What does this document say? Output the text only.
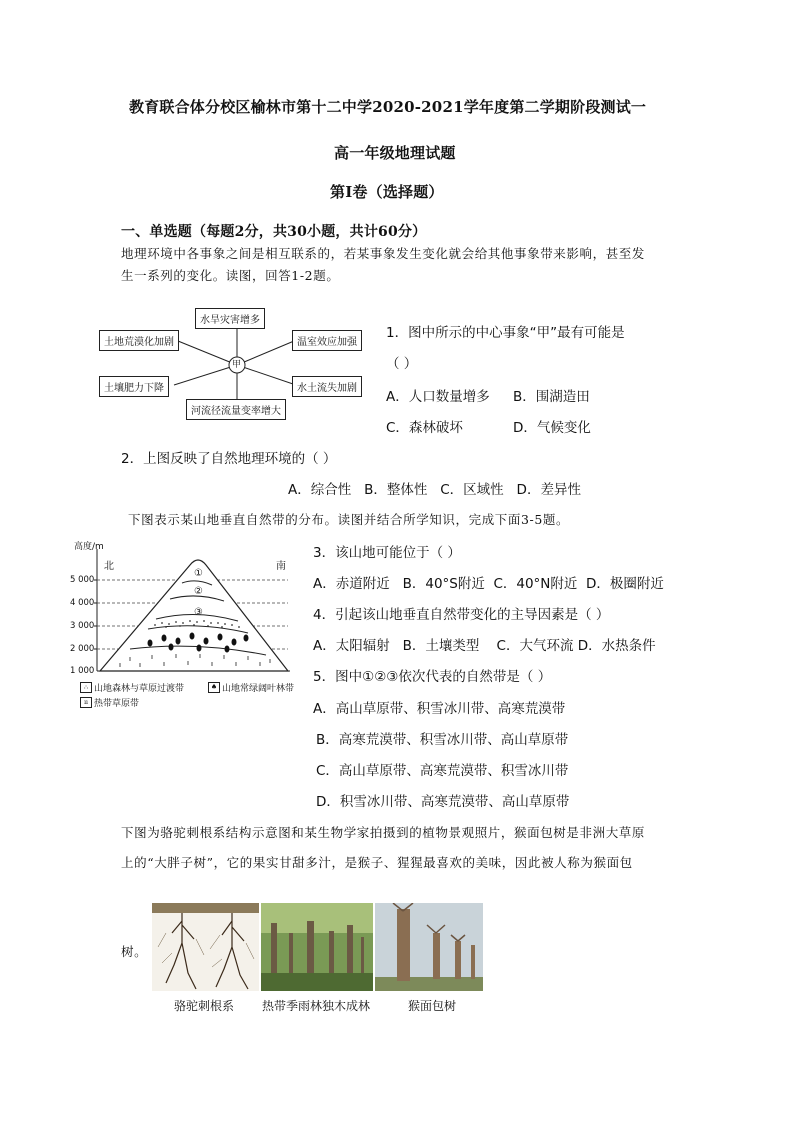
教育联合体分校区榆林市第十二中学2020-2021学年度第二学期阶段测试一
高一年级地理试题
第I卷（选择题）
一、单选题（每题2分，共30小题，共计60分）
地理环境中各事象之间是相互联系的，若某事象发生变化就会给其他事象带来影响，甚至发
生一系列的变化。读图，回答1-2题。
甲
水旱灾害增多
土地荒漠化加剧	温室效应加强
土壤肥力下降	水土流失加剧
河流径流量变率增大
1．图中所示的中心事象“甲”最有可能是
（ ）
A．人口数量增多 B．围湖造田
C．森林破坏	D．气候变化
2．上图反映了自然地理环境的（ ）
A．综合性   B．整体性   C．区域性   D．差异性
下图表示某山地垂直自然带的分布。读图并结合所学知识，完成下面3-5题。
高度/m
北	南
5 000
4 000
3 000
2 000
1 000
①
②
③
∴ 山地森林与草原过渡带	♠ 山地常绿阔叶林带
ıı 热带草原带
3．该山地可能位于（ ）
A．赤道附近   B．40°S附近  C．40°N附近  D．极圈附近
4．引起该山地垂直自然带变化的主导因素是（ ）
A．太阳辐射   B．土壤类型    C．大气环流 D．水热条件
5．图中①②③依次代表的自然带是（ ）
A．高山草原带、积雪冰川带、高寒荒漠带
B．高寒荒漠带、积雪冰川带、高山草原带
C．高山草原带、高寒荒漠带、积雪冰川带
D．积雪冰川带、高寒荒漠带、高山草原带
下图为骆驼刺根系结构示意图和某生物学家拍摄到的植物景观照片，猴面包树是非洲大草原
上的“大胖子树”，它的果实甘甜多汁，是猴子、猩猩最喜欢的美味，因此被人称为猴面包
树。
骆驼刺根系 热带季雨林独木成林	猴面包树
